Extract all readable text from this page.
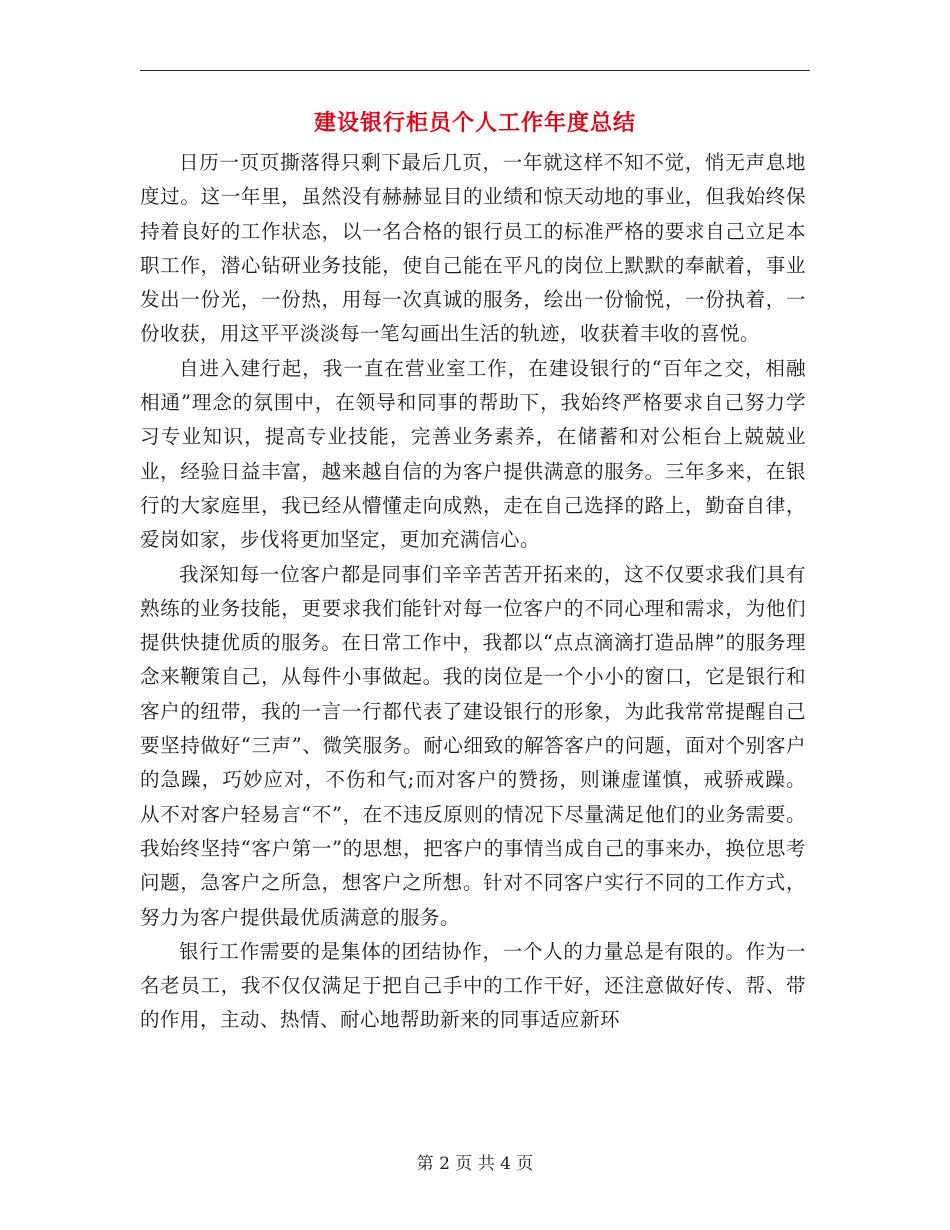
建设银行柜员个人工作年度总结

日历一页页撕落得只剩下最后几页，一年就这样不知不觉，悄无声息地度过。这一年里，虽然没有赫赫显目的业绩和惊天动地的事业，但我始终保持着良好的工作状态，以一名合格的银行员工的标准严格的要求自己立足本职工作，潜心钻研业务技能，使自己能在平凡的岗位上默默的奉献着，事业发出一份光，一份热，用每一次真诚的服务，绘出一份愉悦，一份执着，一份收获，用这平平淡淡每一笔勾画出生活的轨迹，收获着丰收的喜悦。

自进入建行起，我一直在营业室工作，在建设银行的“百年之交，相融相通”理念的氛围中，在领导和同事的帮助下，我始终严格要求自己努力学习专业知识，提高专业技能，完善业务素养，在储蓄和对公柜台上兢兢业业，经验日益丰富，越来越自信的为客户提供满意的服务。三年多来，在银行的大家庭里，我已经从懵懂走向成熟，走在自己选择的路上，勤奋自律，爱岗如家，步伐将更加坚定，更加充满信心。

我深知每一位客户都是同事们辛辛苦苦开拓来的，这不仅要求我们具有熟练的业务技能，更要求我们能针对每一位客户的不同心理和需求，为他们提供快捷优质的服务。在日常工作中，我都以“点点滴滴打造品牌”的服务理念来鞭策自己，从每件小事做起。我的岗位是一个小小的窗口，它是银行和客户的纽带，我的一言一行都代表了建设银行的形象，为此我常常提醒自己要坚持做好“三声”、微笑服务。耐心细致的解答客户的问题，面对个别客户的急躁，巧妙应对，不伤和气;而对客户的赞扬，则谦虚谨慎，戒骄戒躁。从不对客户轻易言“不”，在不违反原则的情况下尽量满足他们的业务需要。我始终坚持“客户第一”的思想，把客户的事情当成自己的事来办，换位思考问题，急客户之所急，想客户之所想。针对不同客户实行不同的工作方式，努力为客户提供最优质满意的服务。

银行工作需要的是集体的团结协作，一个人的力量总是有限的。作为一名老员工，我不仅仅满足于把自己手中的工作干好，还注意做好传、帮、带的作用，主动、热情、耐心地帮助新来的同事适应新环

第 2 页 共 4 页
